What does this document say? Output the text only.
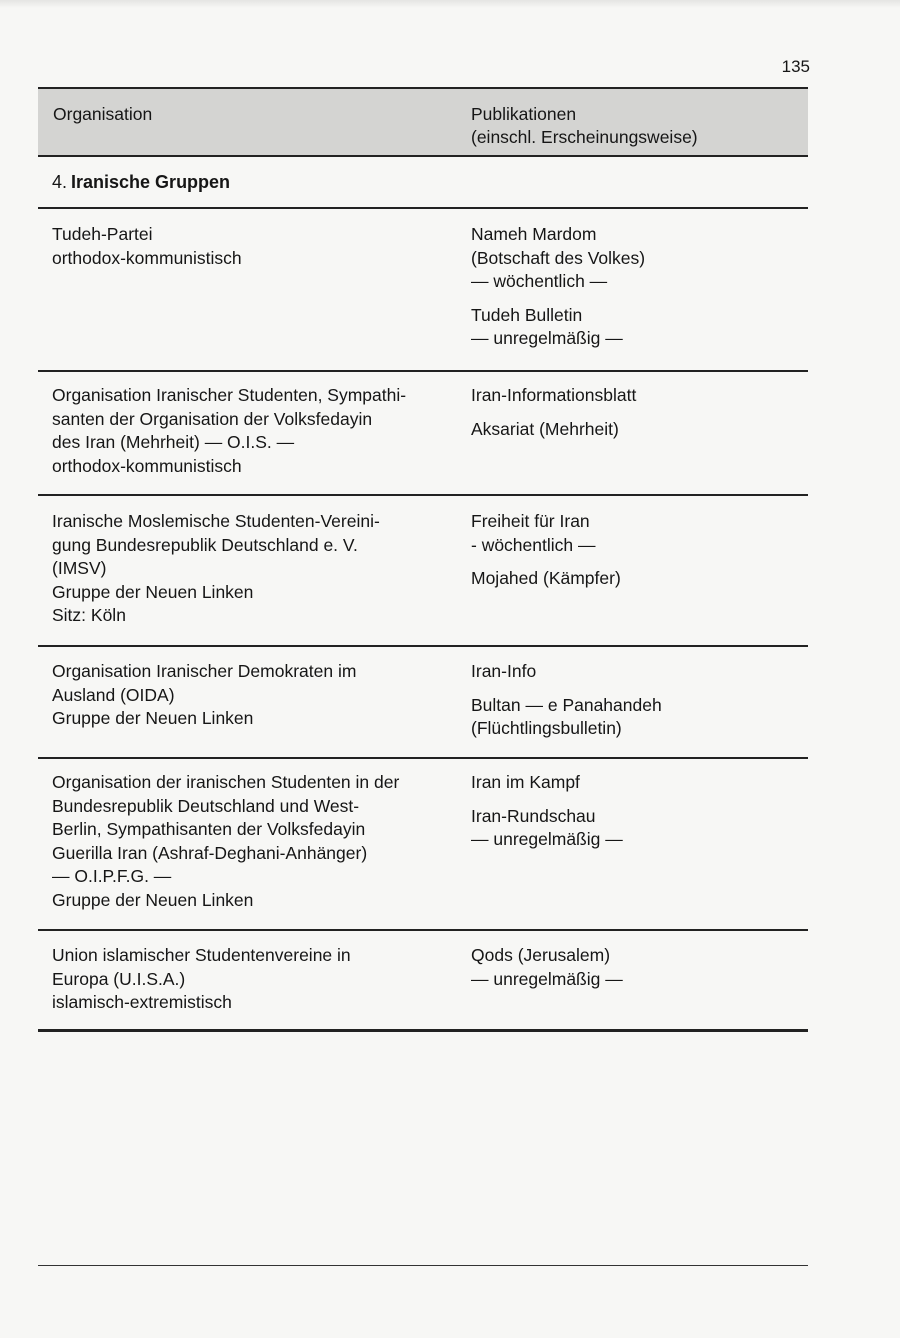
135
Organisation	Publikationen
(einschl. Erscheinungsweise)
4. Iranische Gruppen
Tudeh-Partei
orthodox-kommunistisch
Nameh Mardom
(Botschaft des Volkes)
— wöchentlich —
Tudeh Bulletin
— unregelmäßig —
Organisation Iranischer Studenten, Sympathi-
santen der Organisation der Volksfedayin
des Iran (Mehrheit) — O.I.S. —
orthodox-kommunistisch
Iran-Informationsblatt
Aksariat (Mehrheit)
Iranische Moslemische Studenten-Vereini-
gung Bundesrepublik Deutschland e. V.
(IMSV)
Gruppe der Neuen Linken
Sitz: Köln
Freiheit für Iran
- wöchentlich —
Mojahed (Kämpfer)
Organisation Iranischer Demokraten im
Ausland (OIDA)
Gruppe der Neuen Linken
Iran-Info
Bultan — e Panahandeh
(Flüchtlingsbulletin)
Organisation der iranischen Studenten in der
Bundesrepublik Deutschland und West-
Berlin, Sympathisanten der Volksfedayin
Guerilla Iran (Ashraf-Deghani-Anhänger)
— O.I.P.F.G. —
Gruppe der Neuen Linken
Iran im Kampf
Iran-Rundschau
— unregelmäßig —
Union islamischer Studentenvereine in
Europa (U.I.S.A.)
islamisch-extremistisch
Qods (Jerusalem)
— unregelmäßig —
